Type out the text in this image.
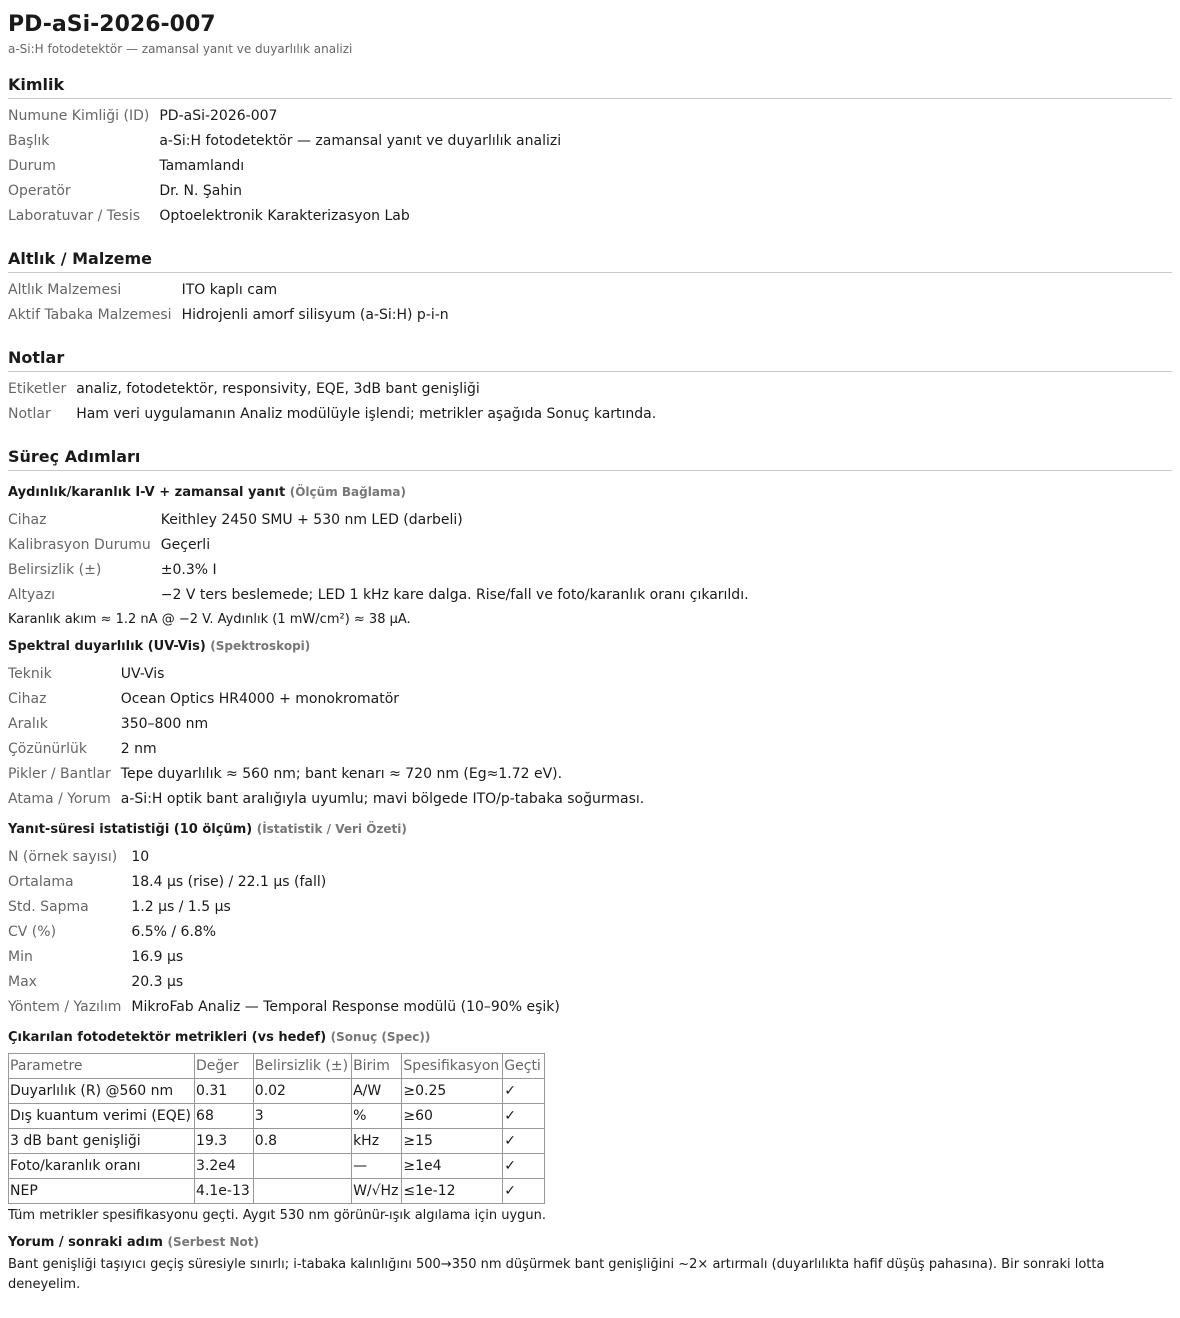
PD-aSi-2026-007
a-Si:H fotodetektör — zamansal yanıt ve duyarlılık analizi
Kimlik
Numune Kimliği (ID)	PD-aSi-2026-007
Başlık	a-Si:H fotodetektör — zamansal yanıt ve duyarlılık analizi
Durum	Tamamlandı
Operatör	Dr. N. Şahin
Laboratuvar / Tesis	Optoelektronik Karakterizasyon Lab
Altlık / Malzeme
Altlık Malzemesi	ITO kaplı cam
Aktif Tabaka Malzemesi	Hidrojenli amorf silisyum (a-Si:H) p-i-n
Notlar
Etiketler	analiz, fotodetektör, responsivity, EQE, 3dB bant genişliği
Notlar	Ham veri uygulamanın Analiz modülüyle işlendi; metrikler aşağıda Sonuç kartında.
Süreç Adımları
Aydınlık/karanlık I-V + zamansal yanıt (Ölçüm Bağlama)
Cihaz	Keithley 2450 SMU + 530 nm LED (darbeli)
Kalibrasyon Durumu	Geçerli
Belirsizlik (±)	±0.3% I
Altyazı	−2 V ters beslemede; LED 1 kHz kare dalga. Rise/fall ve foto/karanlık oranı çıkarıldı.
Karanlık akım ≈ 1.2 nA @ −2 V. Aydınlık (1 mW/cm²) ≈ 38 μA.
Spektral duyarlılık (UV-Vis) (Spektroskopi)
Teknik	UV-Vis
Cihaz	Ocean Optics HR4000 + monokromatör
Aralık	350–800 nm
Çözünürlük	2 nm
Pikler / Bantlar	Tepe duyarlılık ≈ 560 nm; bant kenarı ≈ 720 nm (Eg≈1.72 eV).
Atama / Yorum	a-Si:H optik bant aralığıyla uyumlu; mavi bölgede ITO/p-tabaka soğurması.
Yanıt-süresi istatistiği (10 ölçüm) (İstatistik / Veri Özeti)
N (örnek sayısı)	10
Ortalama	18.4 μs (rise) / 22.1 μs (fall)
Std. Sapma	1.2 μs / 1.5 μs
CV (%)	6.5% / 6.8%
Min	16.9 μs
Max	20.3 μs
Yöntem / Yazılım	MikroFab Analiz — Temporal Response modülü (10–90% eşik)
Çıkarılan fotodetektör metrikleri (vs hedef) (Sonuç (Spec))
Parametre	Değer	Belirsizlik (±)	Birim	Spesifikasyon	Geçti
Duyarlılık (R) @560 nm	0.31	0.02	A/W	≥0.25	✓
Dış kuantum verimi (EQE)	68	3	%	≥60	✓
3 dB bant genişliği	19.3	0.8	kHz	≥15	✓
Foto/karanlık oranı	3.2e4		—	≥1e4	✓
NEP	4.1e-13		W/√Hz	≤1e-12	✓
Tüm metrikler spesifikasyonu geçti. Aygıt 530 nm görünür-ışık algılama için uygun.
Yorum / sonraki adım (Serbest Not)
Bant genişliği taşıyıcı geçiş süresiyle sınırlı; i-tabaka kalınlığını 500→350 nm düşürmek bant genişliğini ~2× artırmalı (duyarlılıkta hafif düşüş pahasına). Bir sonraki lotta deneyelim.
